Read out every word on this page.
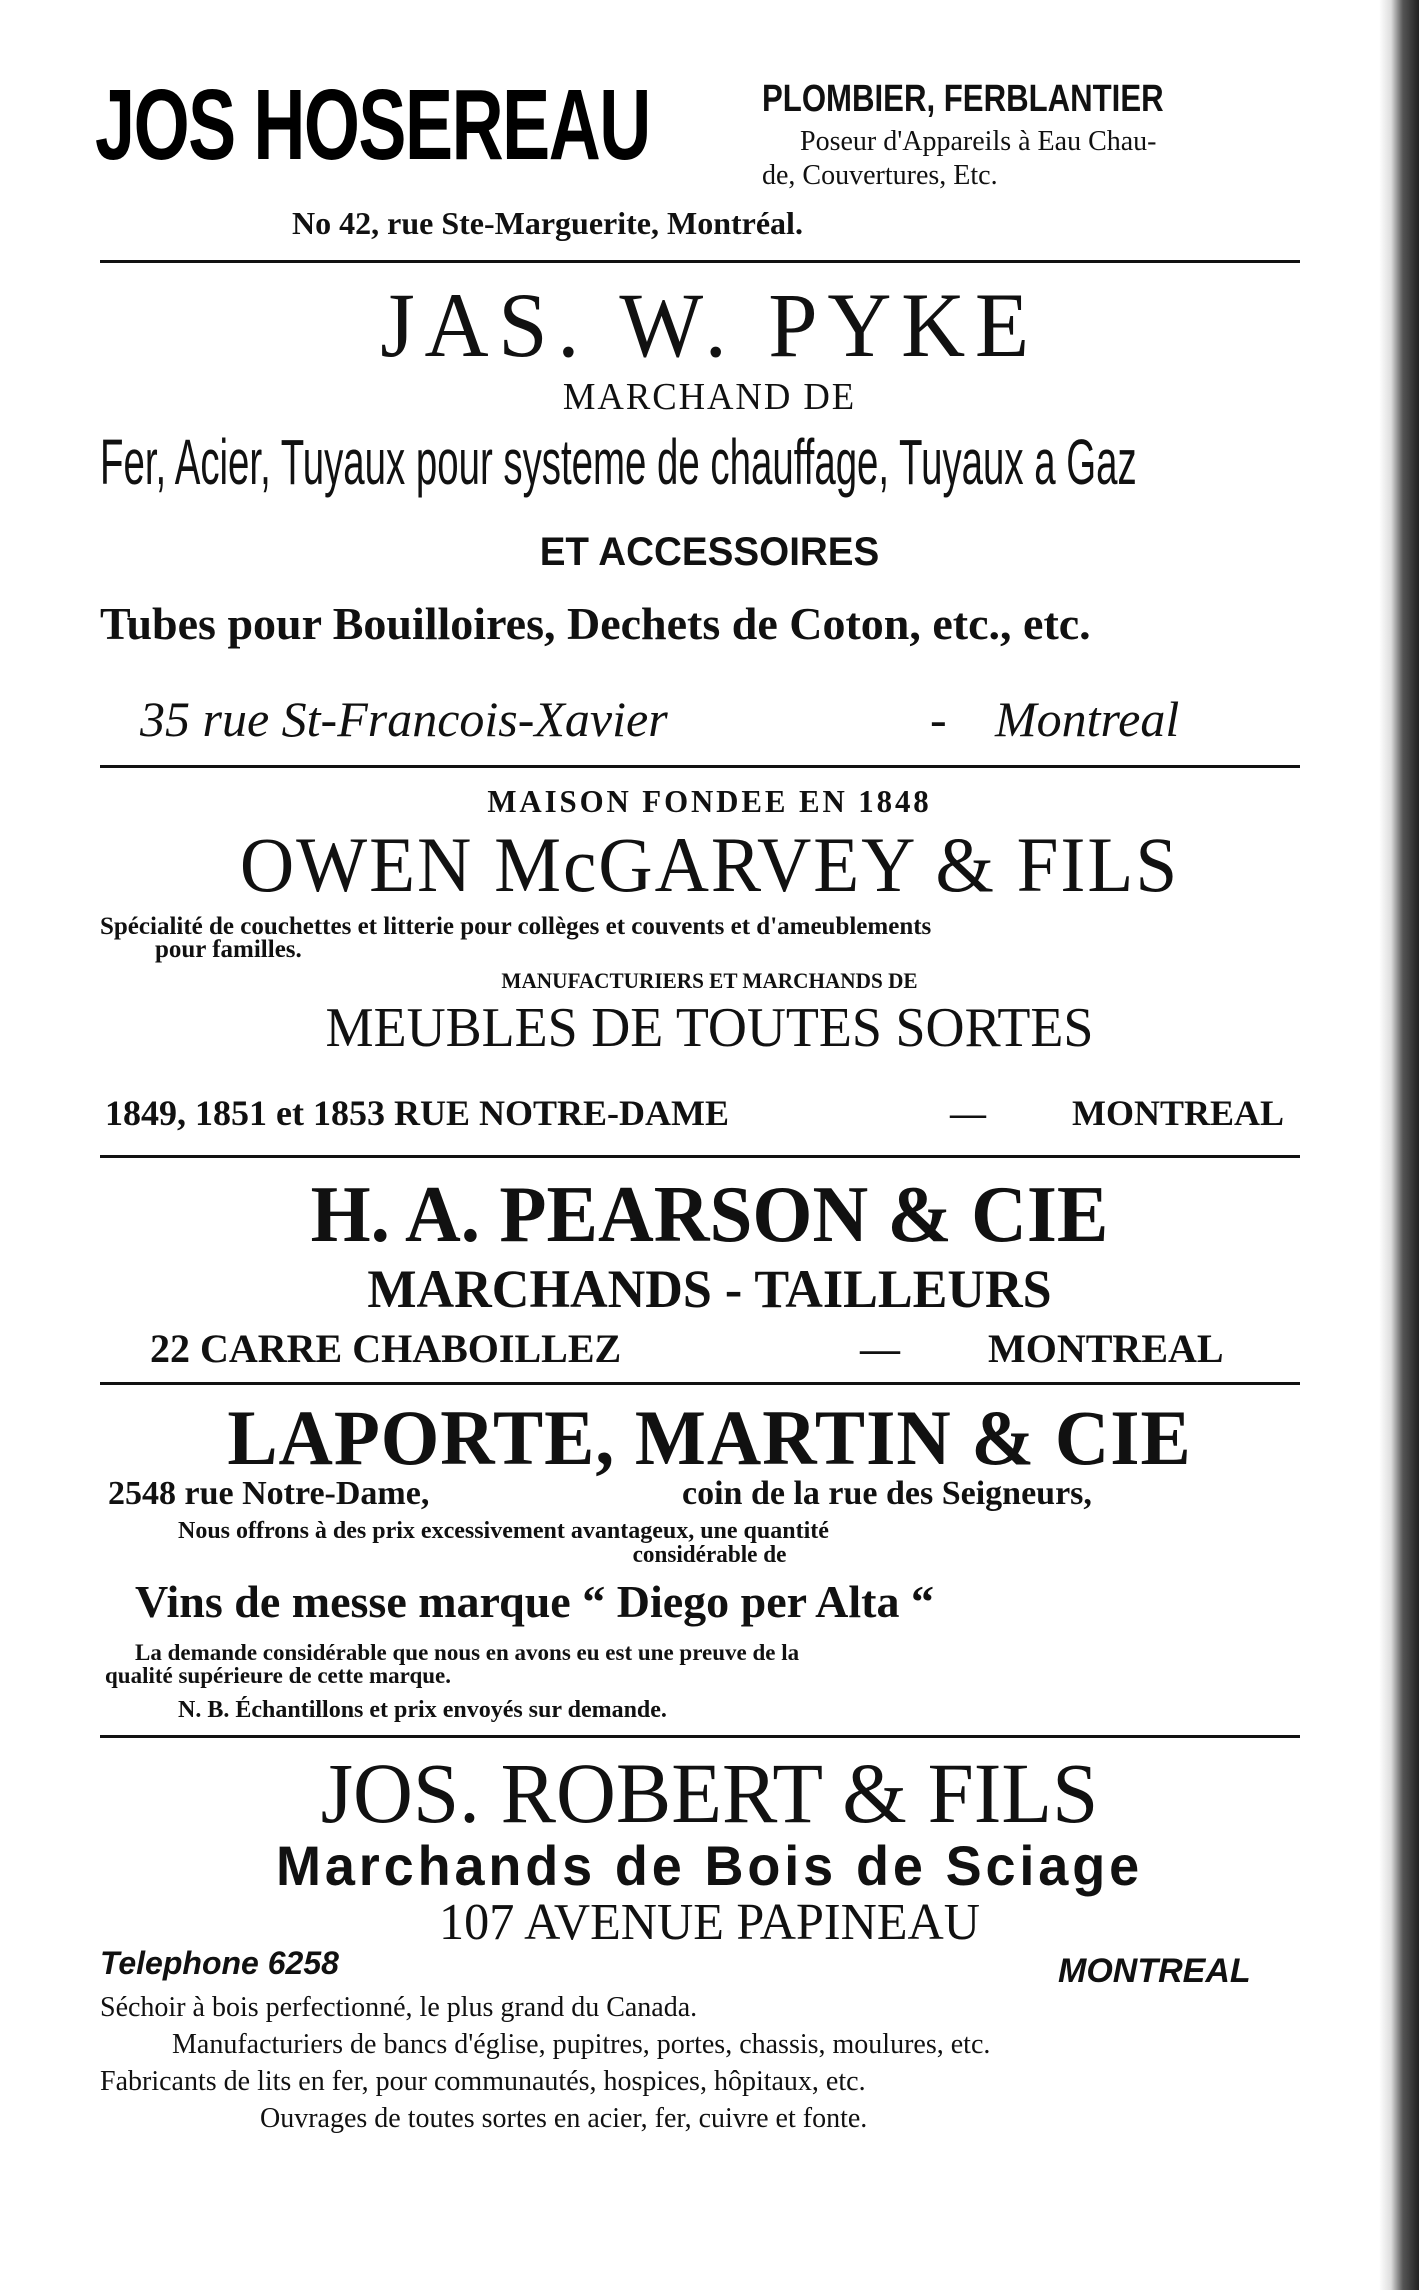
JOS HOSEREAU	PLOMBIER, FERBLANTIER
Poseur d'Appareils à Eau Chau-
de, Couvertures, Etc.
No 42, rue Ste-Marguerite, Montréal.
JAS. W. PYKE
MARCHAND DE
Fer, Acier, Tuyaux pour systeme de chauffage, Tuyaux a Gaz
ET ACCESSOIRES
Tubes pour Bouilloires, Dechets de Coton, etc., etc.
35 rue St-Francois-Xavier	- Montreal
MAISON FONDEE EN 1848
OWEN McGARVEY & FILS
Spécialité de couchettes et litterie pour collèges et couvents et d'ameublements
pour familles.
MANUFACTURIERS ET MARCHANDS DE
MEUBLES DE TOUTES SORTES
1849, 1851 et 1853 RUE NOTRE-DAME	— MONTREAL
H. A. PEARSON & CIE
MARCHANDS - TAILLEURS
22 CARRE CHABOILLEZ	— MONTREAL
LAPORTE, MARTIN & CIE
2548 rue Notre-Dame,	coin de la rue des Seigneurs,
Nous offrons à des prix excessivement avantageux, une quantité
considérable de
Vins de messe marque “ Diego per Alta “
La demande considérable que nous en avons eu est une preuve de la
qualité supérieure de cette marque.
N. B. Échantillons et prix envoyés sur demande.
JOS. ROBERT & FILS
Marchands de Bois de Sciage
107 AVENUE PAPINEAU
Telephone 6258	MONTREAL
Séchoir à bois perfectionné, le plus grand du Canada.
Manufacturiers de bancs d'église, pupitres, portes, chassis, moulures, etc.
Fabricants de lits en fer, pour communautés, hospices, hôpitaux, etc.
Ouvrages de toutes sortes en acier, fer, cuivre et fonte.
